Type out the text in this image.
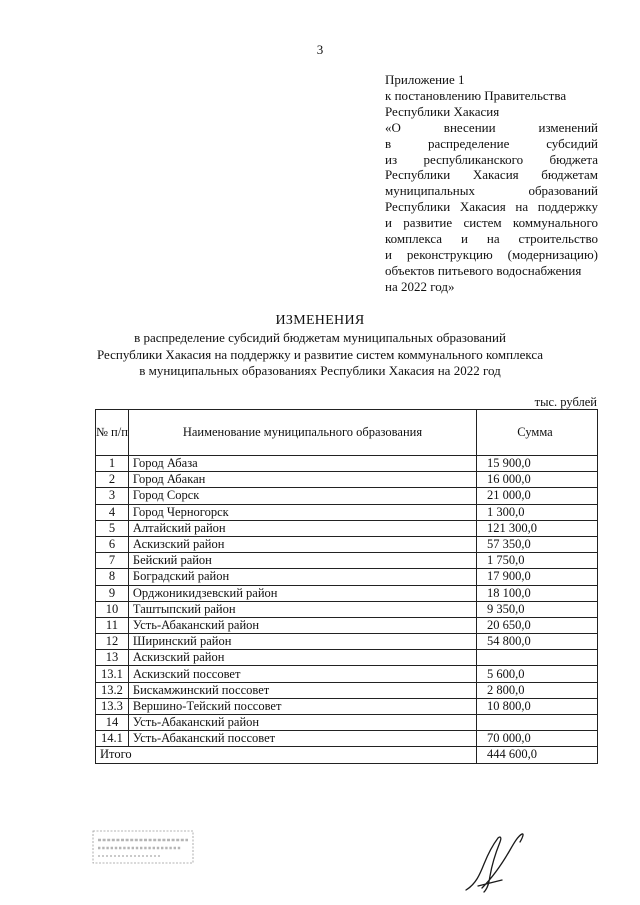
3
Приложение 1
к постановлению Правительства
Республики Хакасия
«О внесении изменений
в распределение субсидий
из республиканского бюджета
Республики Хакасия бюджетам
муниципальных образований
Республики Хакасия на поддержку
и развитие систем коммунального
комплекса и на строительство
и реконструкцию (модернизацию)
объектов питьевого водоснабжения
на 2022 год»
ИЗМЕНЕНИЯ
в распределение субсидий бюджетам муниципальных образований
Республики Хакасия на поддержку и развитие систем коммунального комплекса
в муниципальных образованиях Республики Хакасия на 2022 год
тыс. рублей
№ п/п	Наименование муниципального образования	Сумма
1	Город Абаза	15 900,0
2	Город Абакан	16 000,0
3	Город Сорск	21 000,0
4	Город Черногорск	1 300,0
5	Алтайский район	121 300,0
6	Аскизский район	57 350,0
7	Бейский район	1 750,0
8	Боградский район	17 900,0
9	Орджоникидзевский район	18 100,0
10	Таштыпский район	9 350,0
11	Усть-Абаканский район	20 650,0
12	Ширинский район	54 800,0
13	Аскизский район	
13.1	Аскизский поссовет	5 600,0
13.2	Бискамжинский поссовет	2 800,0
13.3	Вершино-Тейский поссовет	10 800,0
14	Усть-Абаканский район	
14.1	Усть-Абаканский поссовет	70 000,0
Итого		444 600,0
